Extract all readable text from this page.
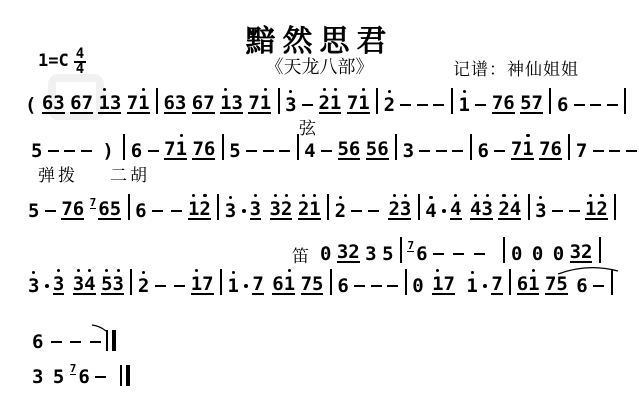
黯然思君
《天龙八部》	记谱：神仙姐姐
$1=C \frac{4}{4}$
( 6 3 6 7 1 3 7 1 6 3 6 7 1 3 7 1 3 2 1 7 1 2	1 7 6 5 7 6
5	) 6 7 1 7 6 5	4 5 6 5 6 3	6 7 1 7 6 7
5 7 6 7 6 5 6 1 2 3 3 3 2 2 1 2 2 3 4 4 4 3 2 4 3 1 2
0 3 2 3 5 7 6	0 0 0 3 2
3 3 3 4 5 3 2 1 7 1 7 6 1 7 5 6	0 1 7 1 7 6 1 7 5 6
6
3 5 7 6
弦
弹拨 二胡
笛
